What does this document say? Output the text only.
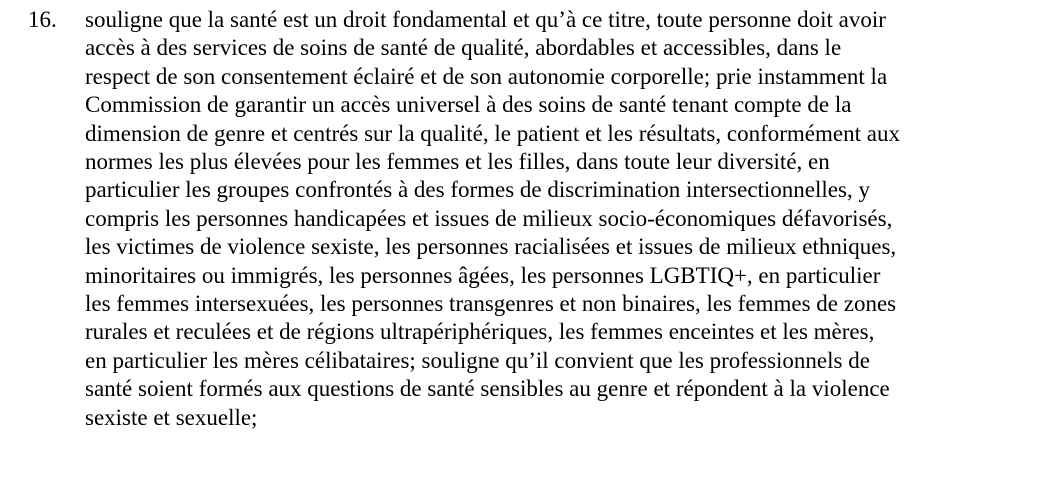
16.	souligne que la santé est un droit fondamental et qu’à ce titre, toute personne doit avoir
accès à des services de soins de santé de qualité, abordables et accessibles, dans le
respect de son consentement éclairé et de son autonomie corporelle; prie instamment la
Commission de garantir un accès universel à des soins de santé tenant compte de la
dimension de genre et centrés sur la qualité, le patient et les résultats, conformément aux
normes les plus élevées pour les femmes et les filles, dans toute leur diversité, en
particulier les groupes confrontés à des formes de discrimination intersectionnelles, y
compris les personnes handicapées et issues de milieux socio-économiques défavorisés,
les victimes de violence sexiste, les personnes racialisées et issues de milieux ethniques,
minoritaires ou immigrés, les personnes âgées, les personnes LGBTIQ+, en particulier
les femmes intersexuées, les personnes transgenres et non binaires, les femmes de zones
rurales et reculées et de régions ultrapériphériques, les femmes enceintes et les mères,
en particulier les mères célibataires; souligne qu’il convient que les professionnels de
santé soient formés aux questions de santé sensibles au genre et répondent à la violence
sexiste et sexuelle;
